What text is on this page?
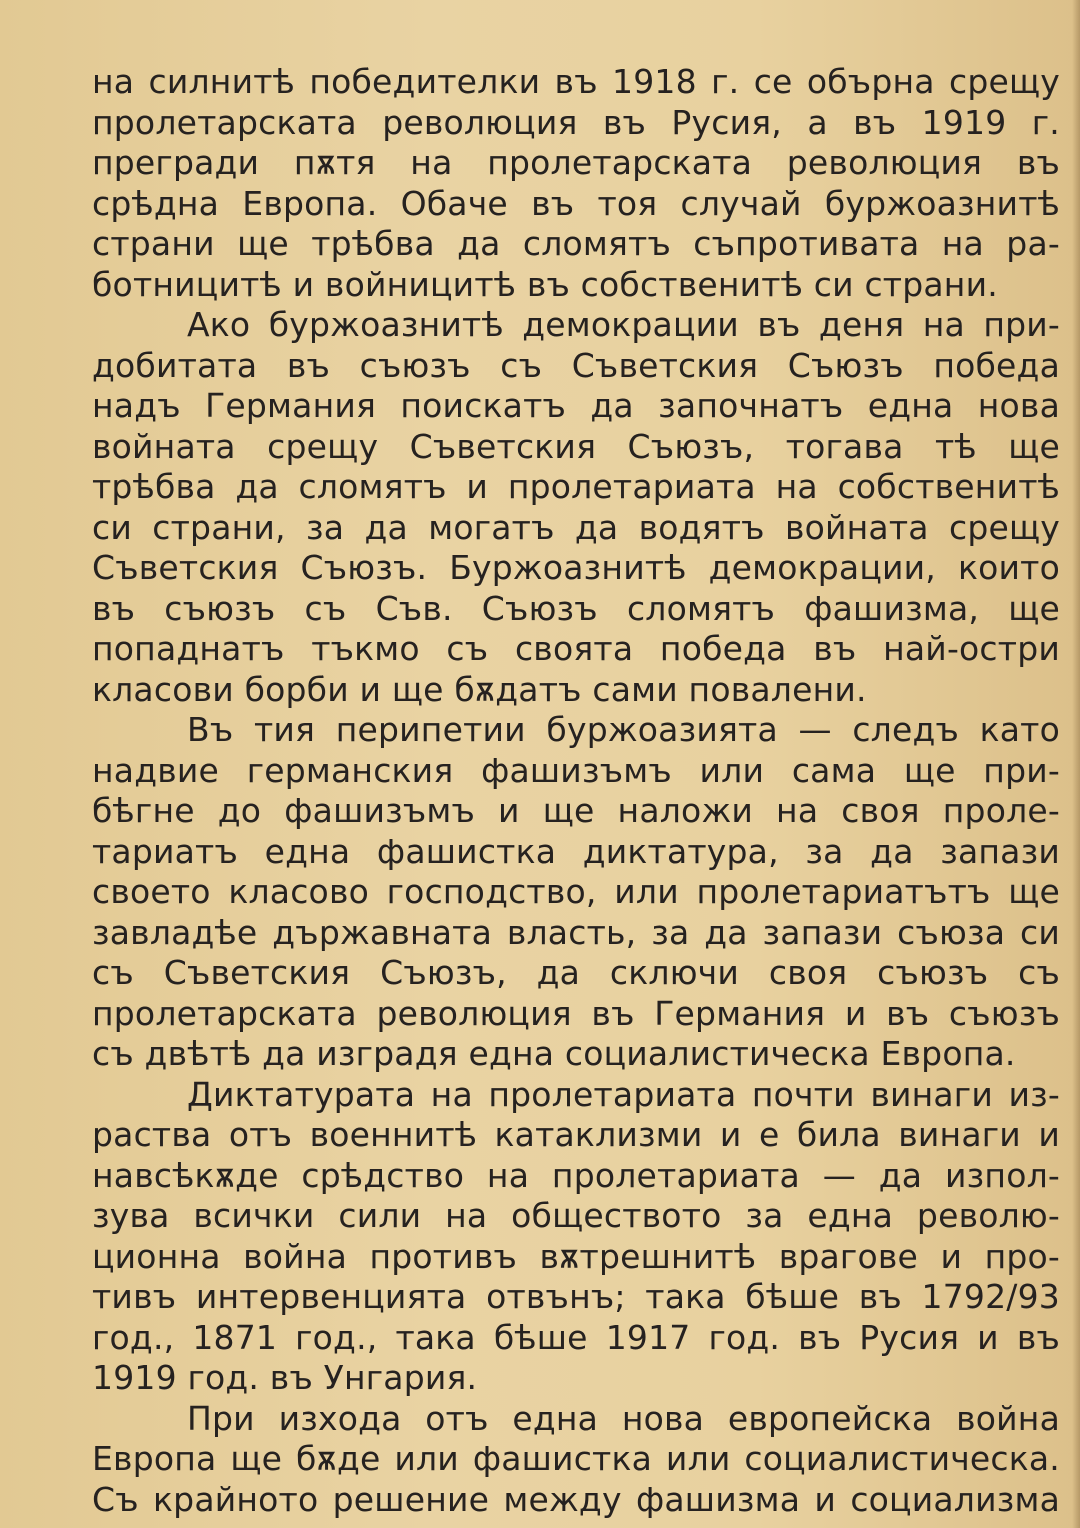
на силнитѣ победителки въ 1918 г. се обърна срещу
пролетарската революция въ Русия, а въ 1919 г.
прегради пѫтя на пролетарската революция въ
срѣдна Европа. Обаче въ тоя случай буржоазнитѣ
страни ще трѣбва да сломятъ съпротивата на ра-
ботницитѣ и войницитѣ въ собственитѣ си страни.
Ако буржоазнитѣ демокрации въ деня на при-
добитата въ съюзъ съ Съветския Съюзъ победа
надъ Германия поискатъ да започнатъ една нова
войната срещу Съветския Съюзъ, тогава тѣ ще
трѣбва да сломятъ и пролетариата на собственитѣ
си страни, за да могатъ да водятъ войната срещу
Съветския Съюзъ. Буржоазнитѣ демокрации, които
въ съюзъ съ Съв. Съюзъ сломятъ фашизма, ще
попаднатъ тъкмо съ своята победа въ най-остри
класови борби и ще бѫдатъ сами повалени.
Въ тия перипетии буржоазията — следъ като
надвие германския фашизъмъ или сама ще при-
бѣгне до фашизъмъ и ще наложи на своя проле-
тариатъ една фашистка диктатура, за да запази
своето класово господство, или пролетариатътъ ще
завладѣе държавната власть, за да запази съюза си
съ Съветския Съюзъ, да сключи своя съюзъ съ
пролетарската революция въ Германия и въ съюзъ
съ двѣтѣ да изградя една социалистическа Европа.
Диктатурата на пролетариата почти винаги из-
раства отъ военнитѣ катаклизми и е била винаги и
навсѣкѫде срѣдство на пролетариата — да изпол-
зува всички сили на обществото за една револю-
ционна война противъ вѫтрешнитѣ врагове и про-
тивъ интервенцията отвънъ; така бѣше въ 1792/93
год., 1871 год., така бѣше 1917 год. въ Русия и въ
1919 год. въ Унгария.
При изхода отъ една нова европейска война
Европа ще бѫде или фашистка или социалистическа.
Съ крайното решение между фашизма и социализма
